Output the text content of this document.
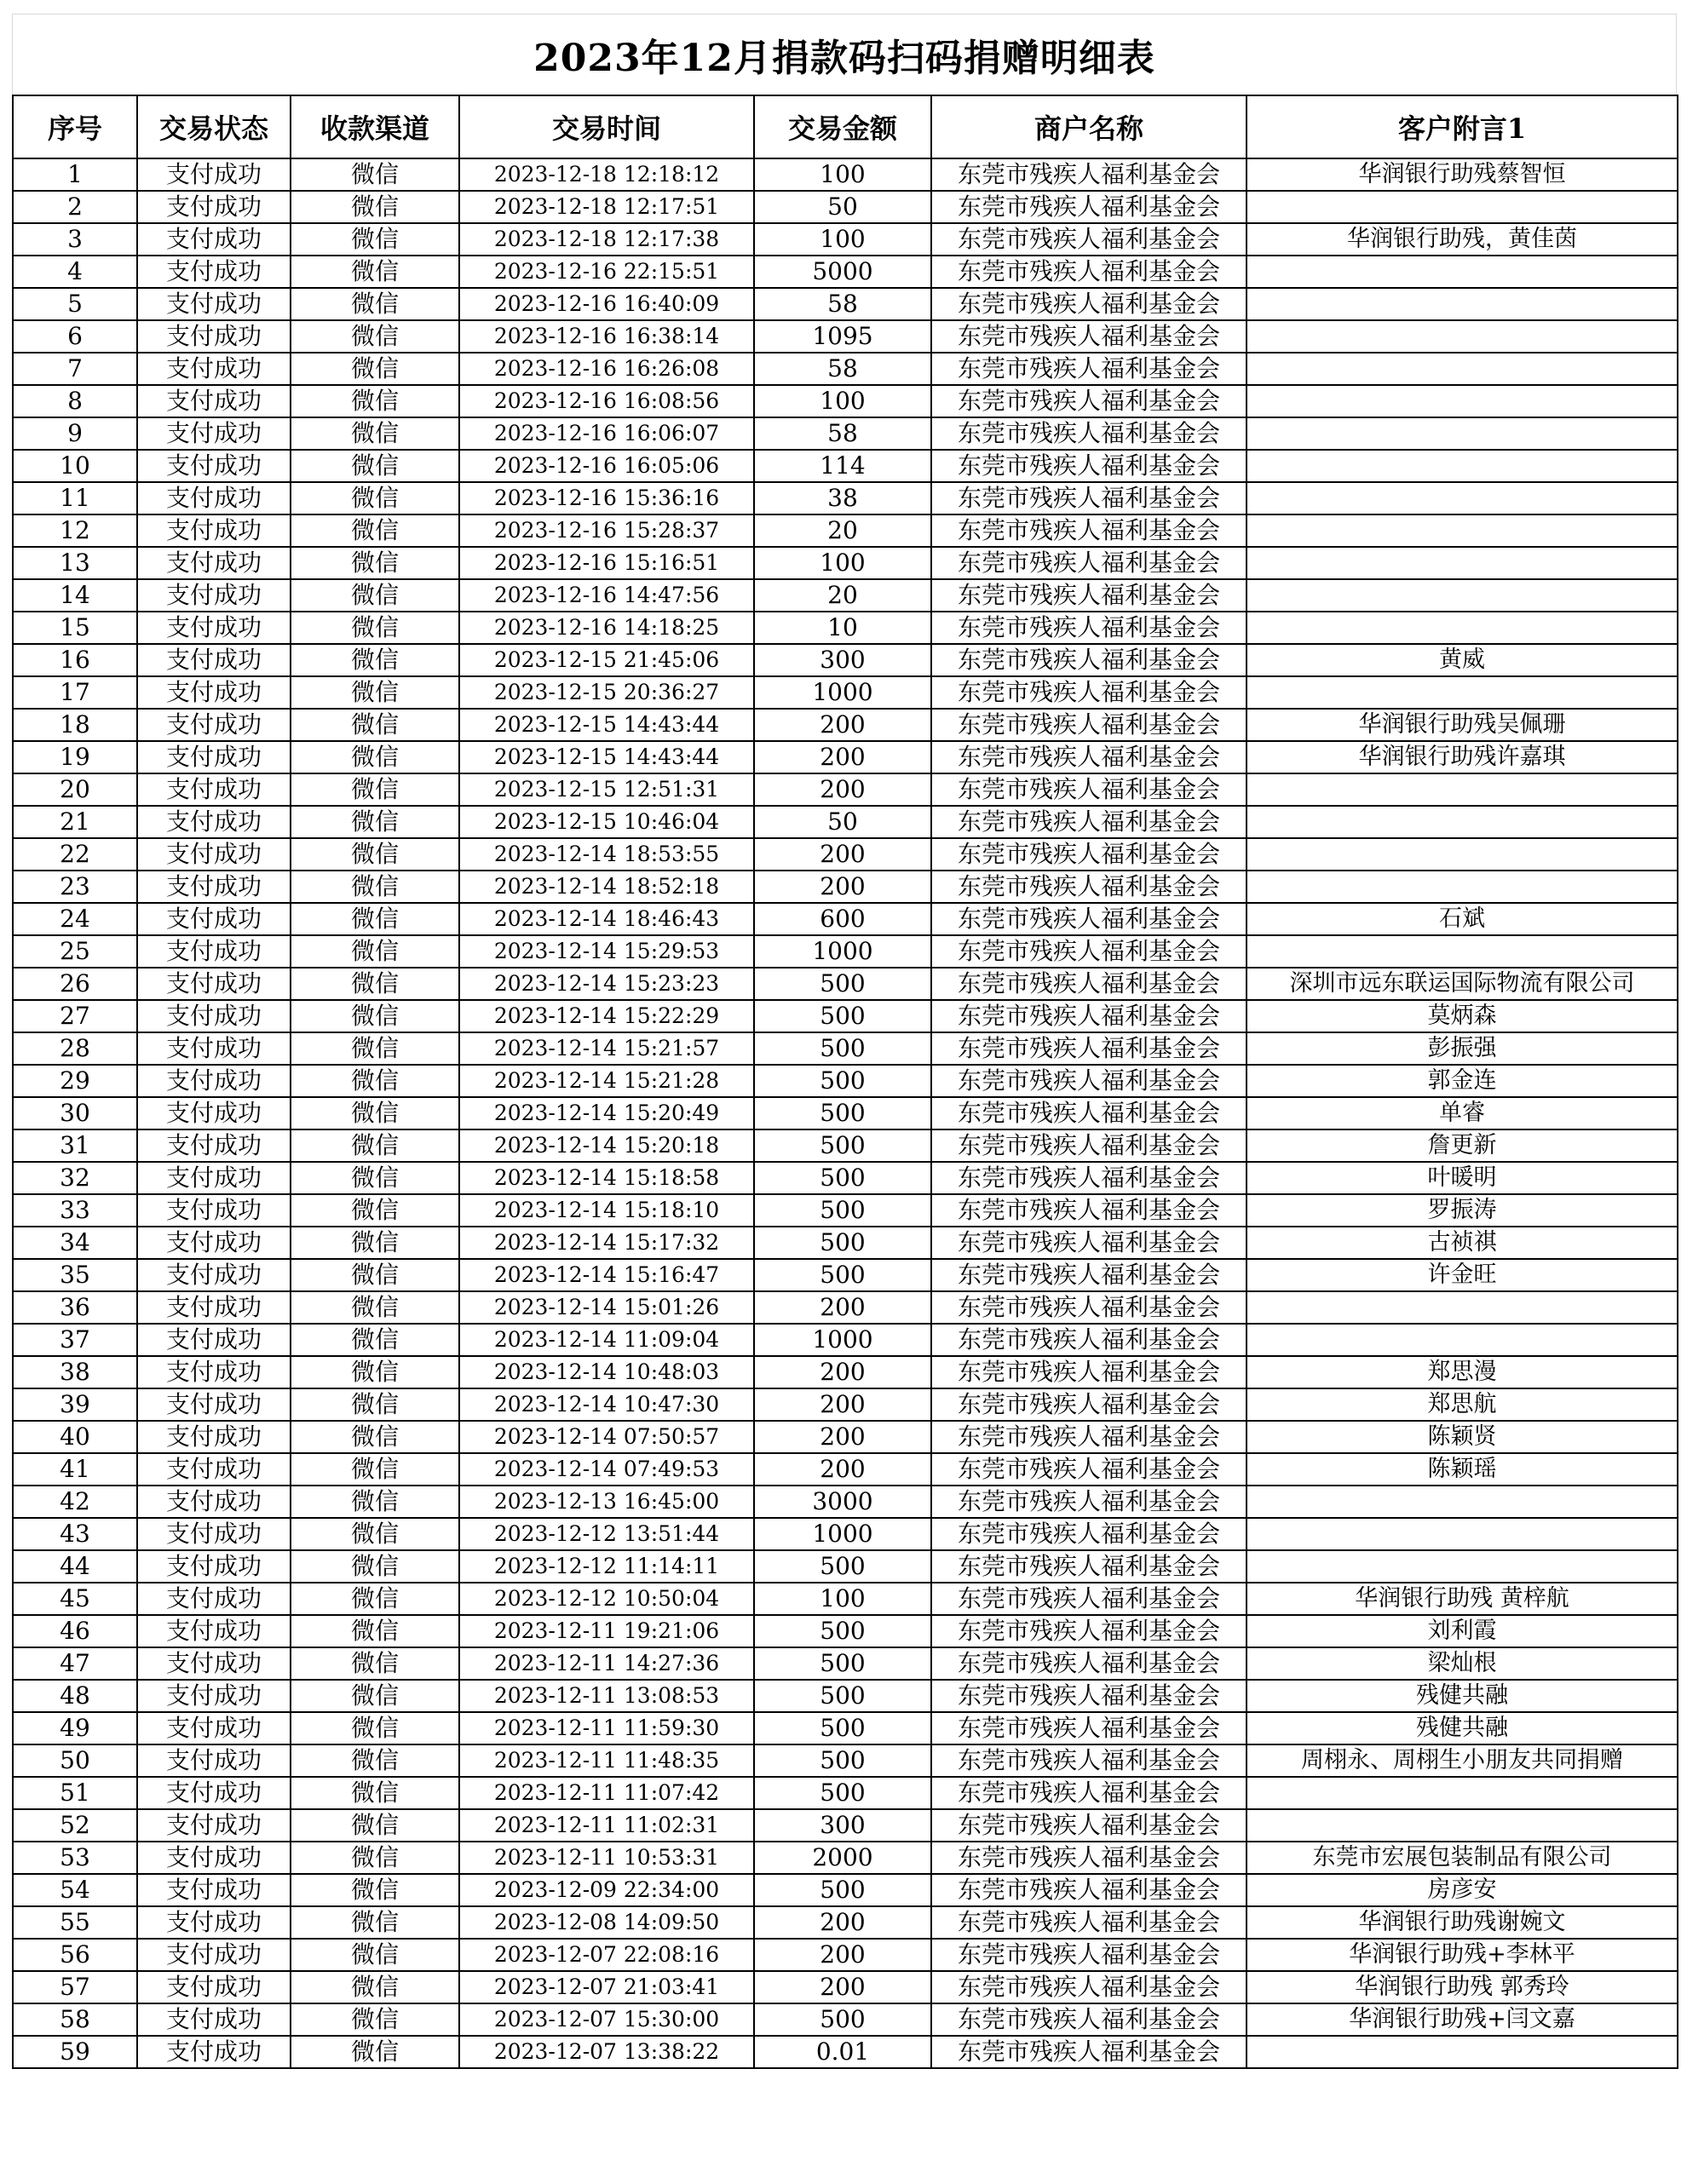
2023年12月捐款码扫码捐赠明细表
序号	交易状态	收款渠道	交易时间	交易金额	商户名称	客户附言1
1	支付成功	微信	2023-12-18 12:18:12	100	东莞市残疾人福利基金会	华润银行助残蔡智恒
2	支付成功	微信	2023-12-18 12:17:51	50	东莞市残疾人福利基金会	
3	支付成功	微信	2023-12-18 12:17:38	100	东莞市残疾人福利基金会	华润银行助残，黄佳茵
4	支付成功	微信	2023-12-16 22:15:51	5000	东莞市残疾人福利基金会	
5	支付成功	微信	2023-12-16 16:40:09	58	东莞市残疾人福利基金会	
6	支付成功	微信	2023-12-16 16:38:14	1095	东莞市残疾人福利基金会	
7	支付成功	微信	2023-12-16 16:26:08	58	东莞市残疾人福利基金会	
8	支付成功	微信	2023-12-16 16:08:56	100	东莞市残疾人福利基金会	
9	支付成功	微信	2023-12-16 16:06:07	58	东莞市残疾人福利基金会	
10	支付成功	微信	2023-12-16 16:05:06	114	东莞市残疾人福利基金会	
11	支付成功	微信	2023-12-16 15:36:16	38	东莞市残疾人福利基金会	
12	支付成功	微信	2023-12-16 15:28:37	20	东莞市残疾人福利基金会	
13	支付成功	微信	2023-12-16 15:16:51	100	东莞市残疾人福利基金会	
14	支付成功	微信	2023-12-16 14:47:56	20	东莞市残疾人福利基金会	
15	支付成功	微信	2023-12-16 14:18:25	10	东莞市残疾人福利基金会	
16	支付成功	微信	2023-12-15 21:45:06	300	东莞市残疾人福利基金会	黄威
17	支付成功	微信	2023-12-15 20:36:27	1000	东莞市残疾人福利基金会	
18	支付成功	微信	2023-12-15 14:43:44	200	东莞市残疾人福利基金会	华润银行助残吴佩珊
19	支付成功	微信	2023-12-15 14:43:44	200	东莞市残疾人福利基金会	华润银行助残许嘉琪
20	支付成功	微信	2023-12-15 12:51:31	200	东莞市残疾人福利基金会	
21	支付成功	微信	2023-12-15 10:46:04	50	东莞市残疾人福利基金会	
22	支付成功	微信	2023-12-14 18:53:55	200	东莞市残疾人福利基金会	
23	支付成功	微信	2023-12-14 18:52:18	200	东莞市残疾人福利基金会	
24	支付成功	微信	2023-12-14 18:46:43	600	东莞市残疾人福利基金会	石斌
25	支付成功	微信	2023-12-14 15:29:53	1000	东莞市残疾人福利基金会	
26	支付成功	微信	2023-12-14 15:23:23	500	东莞市残疾人福利基金会	深圳市远东联运国际物流有限公司
27	支付成功	微信	2023-12-14 15:22:29	500	东莞市残疾人福利基金会	莫炳森
28	支付成功	微信	2023-12-14 15:21:57	500	东莞市残疾人福利基金会	彭振强
29	支付成功	微信	2023-12-14 15:21:28	500	东莞市残疾人福利基金会	郭金连
30	支付成功	微信	2023-12-14 15:20:49	500	东莞市残疾人福利基金会	单睿
31	支付成功	微信	2023-12-14 15:20:18	500	东莞市残疾人福利基金会	詹更新
32	支付成功	微信	2023-12-14 15:18:58	500	东莞市残疾人福利基金会	叶暖明
33	支付成功	微信	2023-12-14 15:18:10	500	东莞市残疾人福利基金会	罗振涛
34	支付成功	微信	2023-12-14 15:17:32	500	东莞市残疾人福利基金会	古祯祺
35	支付成功	微信	2023-12-14 15:16:47	500	东莞市残疾人福利基金会	许金旺
36	支付成功	微信	2023-12-14 15:01:26	200	东莞市残疾人福利基金会	
37	支付成功	微信	2023-12-14 11:09:04	1000	东莞市残疾人福利基金会	
38	支付成功	微信	2023-12-14 10:48:03	200	东莞市残疾人福利基金会	郑思漫
39	支付成功	微信	2023-12-14 10:47:30	200	东莞市残疾人福利基金会	郑思航
40	支付成功	微信	2023-12-14 07:50:57	200	东莞市残疾人福利基金会	陈颖贤
41	支付成功	微信	2023-12-14 07:49:53	200	东莞市残疾人福利基金会	陈颖瑶
42	支付成功	微信	2023-12-13 16:45:00	3000	东莞市残疾人福利基金会	
43	支付成功	微信	2023-12-12 13:51:44	1000	东莞市残疾人福利基金会	
44	支付成功	微信	2023-12-12 11:14:11	500	东莞市残疾人福利基金会	
45	支付成功	微信	2023-12-12 10:50:04	100	东莞市残疾人福利基金会	华润银行助残 黄梓航
46	支付成功	微信	2023-12-11 19:21:06	500	东莞市残疾人福利基金会	刘利霞
47	支付成功	微信	2023-12-11 14:27:36	500	东莞市残疾人福利基金会	梁灿根
48	支付成功	微信	2023-12-11 13:08:53	500	东莞市残疾人福利基金会	残健共融
49	支付成功	微信	2023-12-11 11:59:30	500	东莞市残疾人福利基金会	残健共融
50	支付成功	微信	2023-12-11 11:48:35	500	东莞市残疾人福利基金会	周栩永、周栩生小朋友共同捐赠
51	支付成功	微信	2023-12-11 11:07:42	500	东莞市残疾人福利基金会	
52	支付成功	微信	2023-12-11 11:02:31	300	东莞市残疾人福利基金会	
53	支付成功	微信	2023-12-11 10:53:31	2000	东莞市残疾人福利基金会	东莞市宏展包装制品有限公司
54	支付成功	微信	2023-12-09 22:34:00	500	东莞市残疾人福利基金会	房彦安
55	支付成功	微信	2023-12-08 14:09:50	200	东莞市残疾人福利基金会	华润银行助残谢婉文
56	支付成功	微信	2023-12-07 22:08:16	200	东莞市残疾人福利基金会	华润银行助残+李林平
57	支付成功	微信	2023-12-07 21:03:41	200	东莞市残疾人福利基金会	华润银行助残 郭秀玲
58	支付成功	微信	2023-12-07 15:30:00	500	东莞市残疾人福利基金会	华润银行助残+闫文嘉
59	支付成功	微信	2023-12-07 13:38:22	0.01	东莞市残疾人福利基金会	
